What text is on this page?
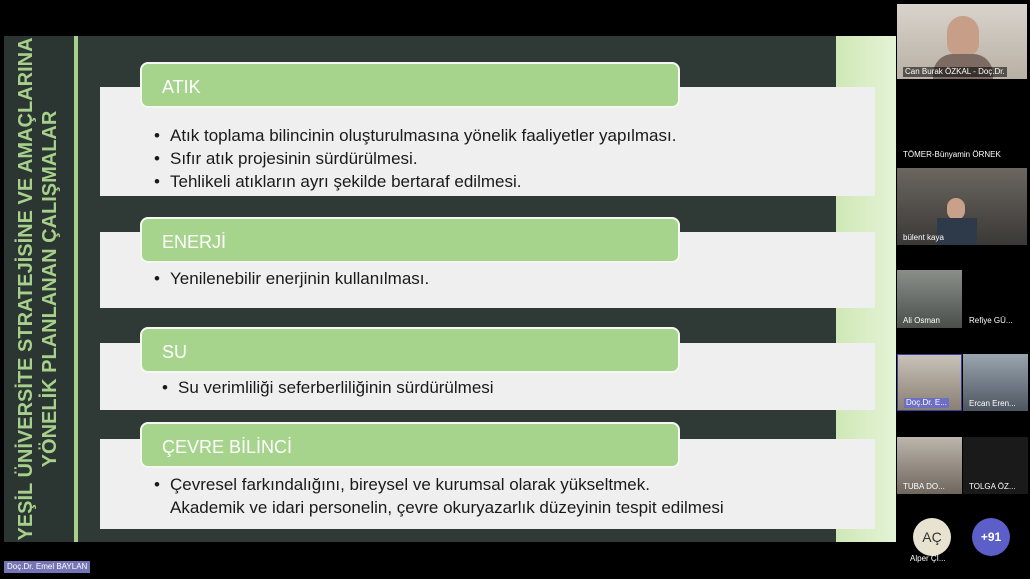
YEŞİL ÜNİVERSİTE STRATEJİSİNE VE AMAÇLARINA YÖNELİK PLANLANAN ÇALIŞMALAR
ATIK
• Atık toplama bilincinin oluşturulmasına yönelik faaliyetler yapılması.
• Sıfır atık projesinin sürdürülmesi.
• Tehlikeli atıkların ayrı şekilde bertaraf edilmesi.
ENERJİ
• Yenilenebilir enerjinin kullanılması.
SU
• Su verimliliği seferberliliğinin sürdürülmesi
ÇEVRE BİLİNCİ
• Çevresel farkındalığını, bireysel ve kurumsal olarak yükseltmek.
Akademik ve idari personelin, çevre okuryazarlık düzeyinin tespit edilmesi
Doç.Dr. Emel BAYLAN
Can Burak ÖZKAL - Doç.Dr.
TÖMER-Bünyamin ÖRNEK
bülent kaya
Ali Osman	Refiye GÜ...
Doç.Dr. E...	Ercan Eren...
TUBA DO...	TOLGA ÖZ...
AÇ
Alper Çİ...
+91
